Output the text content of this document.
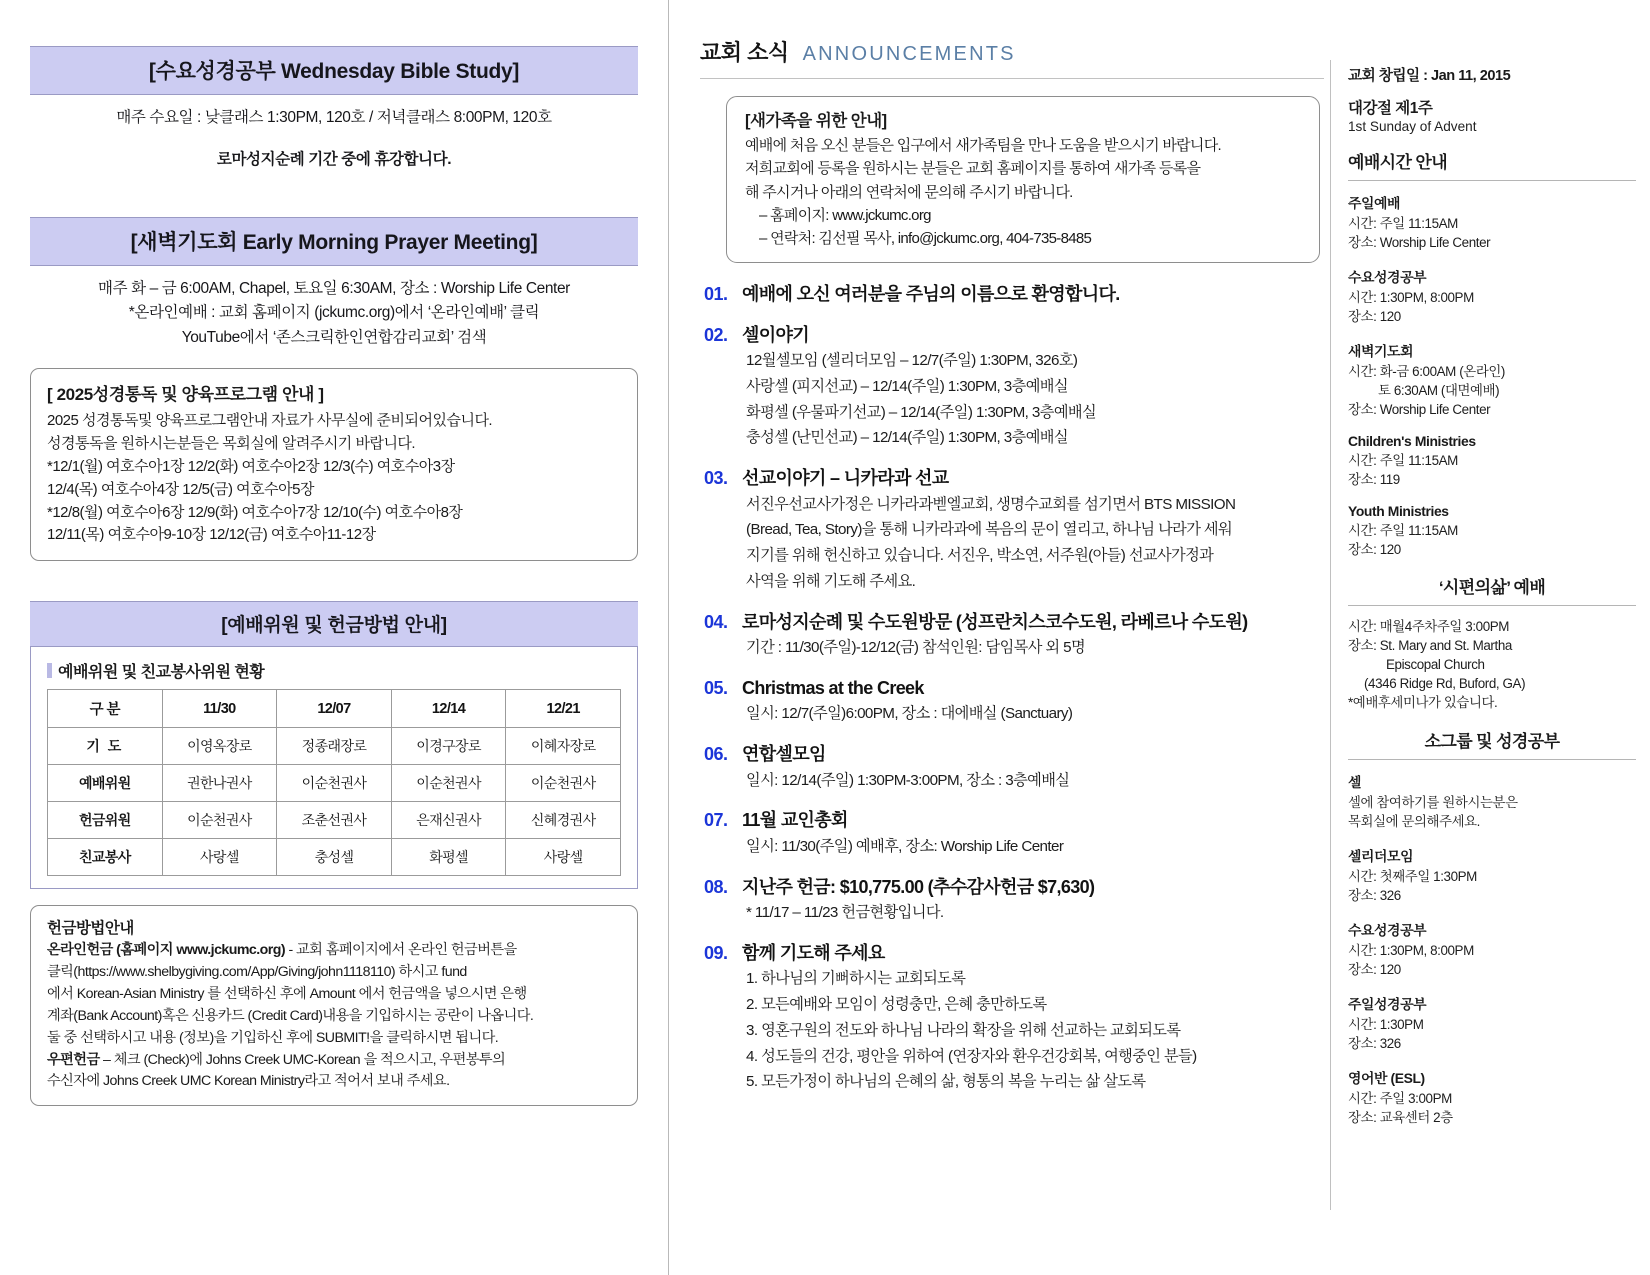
[수요성경공부 Wednesday Bible Study]
매주 수요일 : 낮클래스 1:30PM, 120호 / 저녁클래스 8:00PM, 120호
로마성지순례 기간 중에 휴강합니다.
[새벽기도회 Early Morning Prayer Meeting]
매주 화 – 금 6:00AM, Chapel, 토요일 6:30AM, 장소 : Worship Life Center
*온라인예배 : 교회 홈페이지 (jckumc.org)에서 ‘온라인예배’ 클릭
YouTube에서 ‘존스크릭한인연합감리교회’ 검색
[ 2025성경통독 및 양육프로그램 안내 ]

2025 성경통독및 양육프로그램안내 자료가 사무실에 준비되어있습니다.

성경통독을 원하시는분들은 목회실에 알려주시기 바랍니다.

*12/1(월) 여호수아1장 12/2(화) 여호수아2장 12/3(수) 여호수아3장

12/4(목) 여호수아4장 12/5(금) 여호수아5장

*12/8(월) 여호수아6장 12/9(화) 여호수아7장 12/10(수) 여호수아8장

12/11(목) 여호수아9-10장 12/12(금) 여호수아11-12장

[예배위원 및 헌금방법 안내]
예배위원 및 친교봉사위원 현황
구 분	11/30	12/07	12/14	12/21
기 도	이영옥장로	정종래장로	이경구장로	이혜자장로
예배위원	권한나권사	이순천권사	이순천권사	이순천권사
헌금위원	이순천권사	조춘선권사	은재신권사	신혜경권사
친교봉사	사랑셀	충성셀	화평셀	사랑셀
헌금방법안내

온라인헌금 (홈페이지 www.jckumc.org) - 교회 홈페이지에서 온라인 헌금버튼을

클릭(https://www.shelbygiving.com/App/Giving/john1118110) 하시고 fund

에서 Korean-Asian Ministry 를 선택하신 후에 Amount 에서 헌금액을 넣으시면 은행

계좌(Bank Account)혹은 신용카드 (Credit Card)내용을 기입하시는 공란이 나옵니다.

둘 중 선택하시고 내용 (정보)을 기입하신 후에 SUBMIT!을 클릭하시면 됩니다.

우편헌금 – 체크 (Check)에 Johns Creek UMC-Korean 을 적으시고, 우편봉투의

수신자에 Johns Creek UMC Korean Ministry라고 적어서 보내 주세요.

교회 소식 ANNOUNCEMENTS
[새가족을 위한 안내]

예배에 처음 오신 분들은 입구에서 새가족팀을 만나 도움을 받으시기 바랍니다.

저희교회에 등록을 원하시는 분들은 교회 홈페이지를 통하여 새가족 등록을

해 주시거나 아래의 연락처에 문의해 주시기 바랍니다.

– 홈페이지: www.jckumc.org

– 연락처: 김선필 목사, info@jckumc.org, 404-735-8485

01. 예배에 오신 여러분을 주님의 이름으로 환영합니다.
02. 셀이야기
12월셀모임 (셀리더모임 – 12/7(주일) 1:30PM, 326호)
사랑셀 (피지선교) – 12/14(주일) 1:30PM, 3층예배실
화평셀 (우물파기선교) – 12/14(주일) 1:30PM, 3층예배실
충성셀 (난민선교) – 12/14(주일) 1:30PM, 3층예배실
03. 선교이야기 – 니카라과 선교
서진우선교사가정은 니카라과벧엘교회, 생명수교회를 섬기면서 BTS MISSION
(Bread, Tea, Story)을 통해 니카라과에 복음의 문이 열리고, 하나님 나라가 세워
지기를 위해 헌신하고 있습니다. 서진우, 박소연, 서주원(아들) 선교사가정과
사역을 위해 기도해 주세요.
04. 로마성지순례 및 수도원방문 (성프란치스코수도원, 라베르나 수도원)
기간 : 11/30(주일)-12/12(금) 참석인원: 담임목사 외 5명
05. Christmas at the Creek
일시: 12/7(주일)6:00PM, 장소 : 대에배실 (Sanctuary)
06. 연합셀모임
일시: 12/14(주일) 1:30PM-3:00PM, 장소 : 3층예배실
07. 11월 교인총회
일시: 11/30(주일) 예배후, 장소: Worship Life Center
08. 지난주 헌금: $10,775.00 (추수감사헌금 $7,630)
* 11/17 – 11/23 헌금현황입니다.
09. 함께 기도해 주세요
1. 하나님의 기뻐하시는 교회되도록
2. 모든예배와 모임이 성령충만, 은혜 충만하도록
3. 영혼구원의 전도와 하나님 나라의 확장을 위해 선교하는 교회되도록
4. 성도들의 건강, 평안을 위하여 (연장자와 환우건강회복, 여행중인 분들)
5. 모든가정이 하나님의 은혜의 삶, 형통의 복을 누리는 삶 살도록
교회 창립일 : Jan 11, 2015
대강절 제1주
1st Sunday of Advent
예배시간 안내
주일예배
시간: 주일 11:15AM
장소: Worship Life Center
수요성경공부
시간: 1:30PM, 8:00PM
장소: 120
새벽기도회
시간: 화-금 6:00AM (온라인)
토 6:30AM (대면예배)
장소: Worship Life Center
Children's Ministries
시간: 주일 11:15AM
장소: 119
Youth Ministries
시간: 주일 11:15AM
장소: 120
‘시편의삶’ 예배
시간: 매월4주차주일 3:00PM
장소: St. Mary and St. Martha
Episcopal Church
(4346 Ridge Rd, Buford, GA)
*예배후세미나가 있습니다.
소그룹 및 성경공부
셀
셀에 참여하기를 원하시는분은
목회실에 문의해주세요.
셀리더모임
시간: 첫째주일 1:30PM
장소: 326
수요성경공부
시간: 1:30PM, 8:00PM
장소: 120
주일성경공부
시간: 1:30PM
장소: 326
영어반 (ESL)
시간: 주일 3:00PM
장소: 교육센터 2층
